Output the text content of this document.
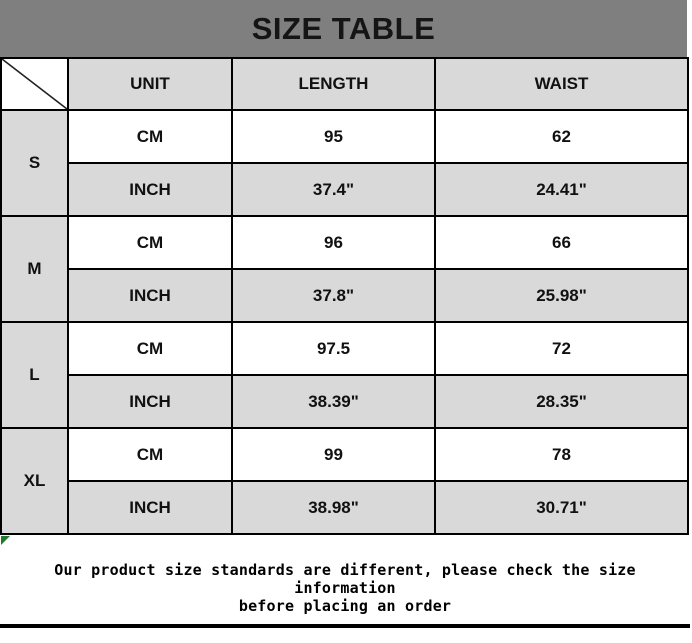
SIZE TABLE
	UNIT	LENGTH	WAIST
S	CM	95	62
	INCH	37.4"	24.41"
M	CM	96	66
	INCH	37.8"	25.98"
L	CM	97.5	72
	INCH	38.39"	28.35"
XL	CM	99	78
	INCH	38.98"	30.71"
Our product size standards are different, please check the size information
before placing an order
